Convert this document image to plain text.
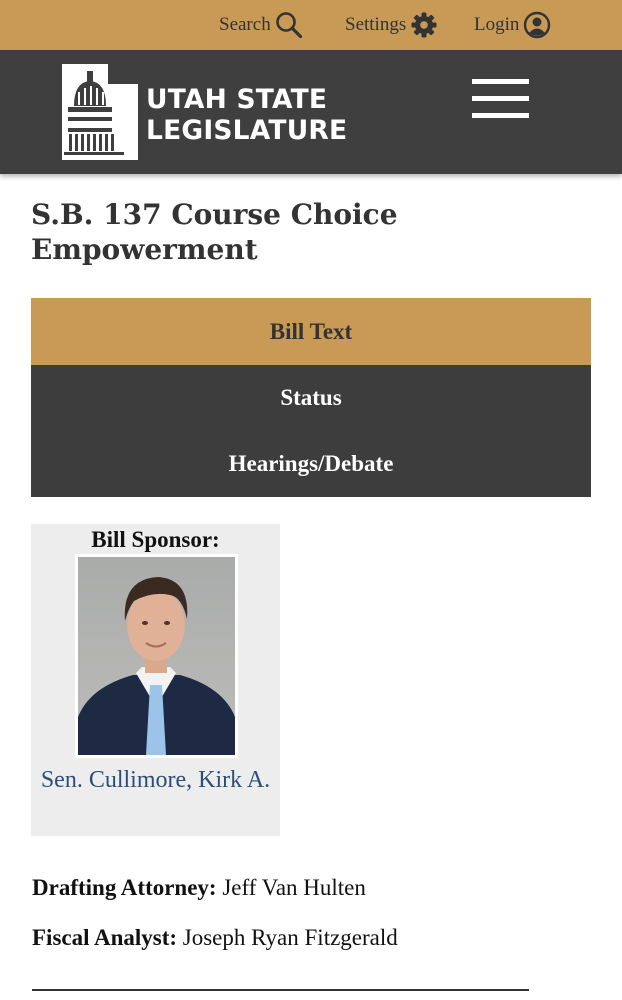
Search	Settings	Login
UTAH STATE
LEGISLATURE
S.B. 137 Course Choice Empowerment
Bill Text
Status
Hearings/Debate
Bill Sponsor:
Sen. Cullimore, Kirk A.
Drafting Attorney: Jeff Van Hulten
Fiscal Analyst: Joseph Ryan Fitzgerald
